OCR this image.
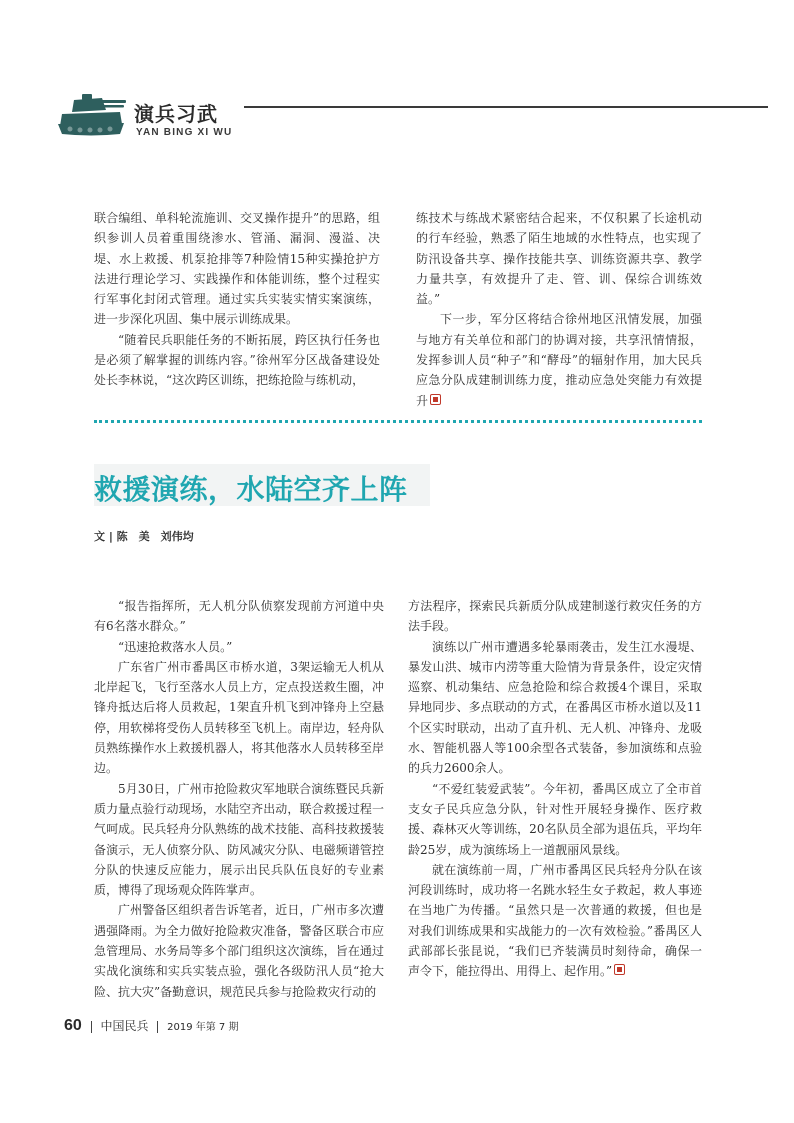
演兵习武
YAN BING XI WU

联合编组、单科轮流施训、交叉操作提升”的思路，组织参训人员着重围绕渗水、管涌、漏洞、漫溢、决堤、水上救援、机泵抢排等7种险情15种实操抢护方法进行理论学习、实践操作和体能训练，整个过程实行军事化封闭式管理。通过实兵实装实情实案演练，进一步深化巩固、集中展示训练成果。

“随着民兵职能任务的不断拓展，跨区执行任务也是必须了解掌握的训练内容。”徐州军分区战备建设处处长李林说，“这次跨区训练，把练抢险与练机动，

练技术与练战术紧密结合起来，不仅积累了长途机动的行车经验，熟悉了陌生地域的水性特点，也实现了防汛设备共享、操作技能共享、训练资源共享、教学力量共享，有效提升了走、管、训、保综合训练效益。”

下一步，军分区将结合徐州地区汛情发展，加强与地方有关单位和部门的协调对接，共享汛情情报，发挥参训人员“种子”和“酵母”的辐射作用，加大民兵应急分队成建制训练力度，推动应急处突能力有效提升

救援演练，水陆空齐上阵
文 | 陈　美　刘伟均

“报告指挥所，无人机分队侦察发现前方河道中央有6名落水群众。”

“迅速抢救落水人员。”

广东省广州市番禺区市桥水道，3架运输无人机从北岸起飞，飞行至落水人员上方，定点投送救生圈，冲锋舟抵达后将人员救起，1架直升机飞到冲锋舟上空悬停，用软梯将受伤人员转移至飞机上。南岸边，轻舟队员熟练操作水上救援机器人，将其他落水人员转移至岸边。

5月30日，广州市抢险救灾军地联合演练暨民兵新质力量点验行动现场，水陆空齐出动，联合救援过程一气呵成。民兵轻舟分队熟练的战术技能、高科技救援装备演示，无人侦察分队、防风减灾分队、电磁频谱管控分队的快速反应能力，展示出民兵队伍良好的专业素质，博得了现场观众阵阵掌声。

广州警备区组织者告诉笔者，近日，广州市多次遭遇强降雨。为全力做好抢险救灾准备，警备区联合市应急管理局、水务局等多个部门组织这次演练，旨在通过实战化演练和实兵实装点验，强化各级防汛人员“抢大险、抗大灾”备勤意识，规范民兵参与抢险救灾行动的

方法程序，探索民兵新质分队成建制遂行救灾任务的方法手段。

演练以广州市遭遇多轮暴雨袭击，发生江水漫堤、暴发山洪、城市内涝等重大险情为背景条件，设定灾情巡察、机动集结、应急抢险和综合救援4个课目，采取异地同步、多点联动的方式，在番禺区市桥水道以及11个区实时联动，出动了直升机、无人机、冲锋舟、龙吸水、智能机器人等100余型各式装备，参加演练和点验的兵力2600余人。

“不爱红装爱武装”。今年初，番禺区成立了全市首支女子民兵应急分队，针对性开展轻身操作、医疗救援、森林灭火等训练，20名队员全部为退伍兵，平均年龄25岁，成为演练场上一道靓丽风景线。

就在演练前一周，广州市番禺区民兵轻舟分队在该河段训练时，成功将一名跳水轻生女子救起，救人事迹在当地广为传播。“虽然只是一次普通的救援，但也是对我们训练成果和实战能力的一次有效检验。”番禺区人武部部长张昆说，“我们已齐装满员时刻待命，确保一声令下，能拉得出、用得上、起作用。”

60 中国民兵 2019 年第 7 期
